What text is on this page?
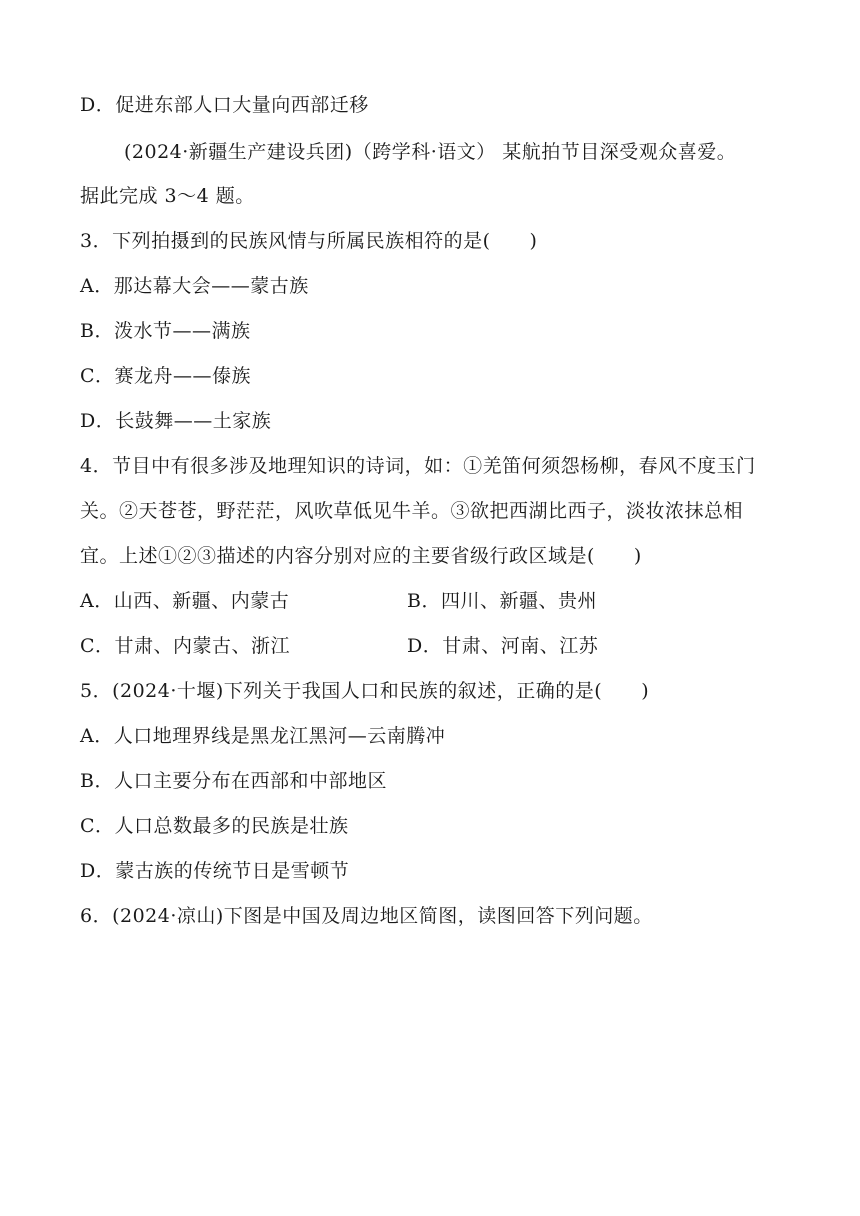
D．促进东部人口大量向西部迁移
(2024·新疆生产建设兵团)（跨学科·语文） 某航拍节目深受观众喜爱。
据此完成 3～4 题。
3．下列拍摄到的民族风情与所属民族相符的是(　　)
A．那达幕大会——蒙古族
B．泼水节——满族
C．赛龙舟——傣族
D．长鼓舞——土家族
4．节目中有很多涉及地理知识的诗词，如：①羌笛何须怨杨柳，春风不度玉门
关。②天苍苍，野茫茫，风吹草低见牛羊。③欲把西湖比西子，淡妆浓抹总相
宜。上述①②③描述的内容分别对应的主要省级行政区域是(　　)
A．山西、新疆、内蒙古	B．四川、新疆、贵州
C．甘肃、内蒙古、浙江	D．甘肃、河南、江苏
5．(2024·十堰)下列关于我国人口和民族的叙述，正确的是(　　)
A．人口地理界线是黑龙江黑河—云南腾冲
B．人口主要分布在西部和中部地区
C．人口总数最多的民族是壮族
D．蒙古族的传统节日是雪顿节
6．(2024·凉山)下图是中国及周边地区简图，读图回答下列问题。
